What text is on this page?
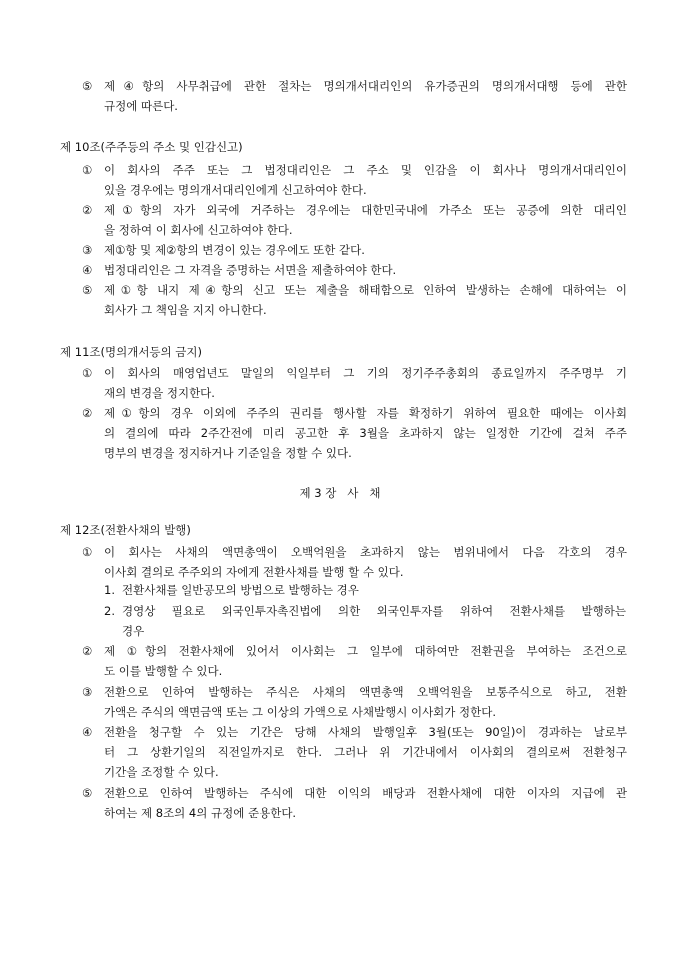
⑤	제④항의 사무취급에 관한 절차는 명의개서대리인의 유가증권의 명의개서대행 등에 관한
규정에 따른다.
제 10조(주주등의 주소 및 인감신고)
①	이 회사의 주주 또는 그 법정대리인은 그 주소 및 인감을 이 회사나 명의개서대리인이
있을 경우에는 명의개서대리인에게 신고하여야 한다.
②	제①항의 자가 외국에 거주하는 경우에는 대한민국내에 가주소 또는 공증에 의한 대리인
을 정하여 이 회사에 신고하여야 한다.
③	제①항 및 제②항의 변경이 있는 경우에도 또한 같다.
④	법정대리인은 그 자격을 증명하는 서면을 제출하여야 한다.
⑤	제①항 내지 제④항의 신고 또는 제출을 해태함으로 인하여 발생하는 손해에 대하여는 이
회사가 그 책임을 지지 아니한다.
제 11조(명의개서등의 금지)
①	이 회사의 매영업년도 말일의 익일부터 그 기의 정기주주총회의 종료일까지 주주명부 기
재의 변경을 정지한다.
②	제①항의 경우 이외에 주주의 권리를 행사할 자를 확정하기 위하여 필요한 때에는 이사회
의 결의에 따라 2주간전에 미리 공고한 후 3월을 초과하지 않는 일정한 기간에 걸쳐 주주
명부의 변경을 정지하거나 기준일을 정할 수 있다.
제 3 장   사   채
제 12조(전환사채의 발행)
①	이 회사는 사채의 액면총액이 오백억원을 초과하지 않는 범위내에서 다음 각호의 경우
이사회 결의로 주주외의 자에게 전환사채를 발행 할 수 있다.
1. 전환사채를 일반공모의 방법으로 발행하는 경우
2. 경영상 필요로 외국인투자촉진법에 의한 외국인투자를 위하여 전환사채를 발행하는
경우
②	제 ①항의 전환사채에 있어서 이사회는 그 일부에 대하여만 전환권을 부여하는 조건으로
도 이를 발행할 수 있다.
③	전환으로 인하여 발행하는 주식은 사채의 액면총액 오백억원을 보통주식으로 하고, 전환
가액은 주식의 액면금액 또는 그 이상의 가액으로 사채발행시 이사회가 정한다.
④	전환을 청구할 수 있는 기간은 당해 사채의 발행일후 3월(또는 90일)이 경과하는 날로부
터 그 상환기일의 직전일까지로 한다. 그러나 위 기간내에서 이사회의 결의로써 전환청구
기간을 조정할 수 있다.
⑤	전환으로 인하여 발행하는 주식에 대한 이익의 배당과 전환사채에 대한 이자의 지급에 관
하여는 제 8조의 4의 규정에 준용한다.
